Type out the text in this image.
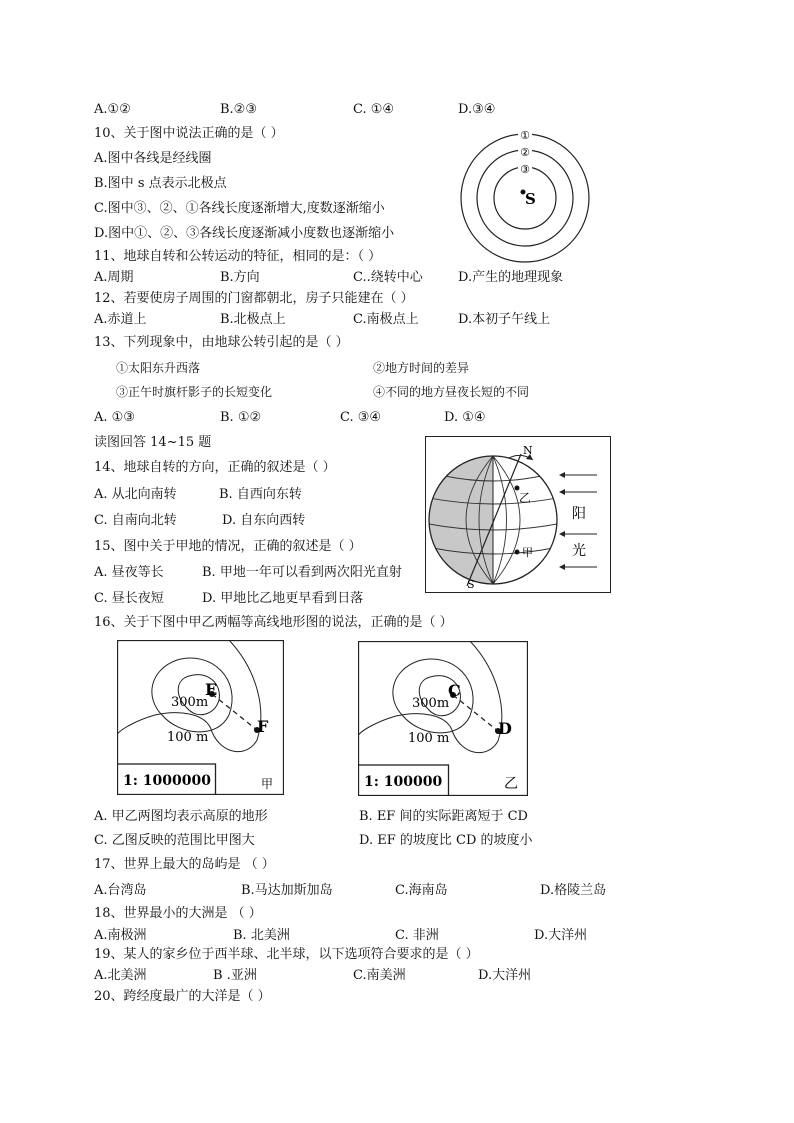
A.①②	B.②③	C. ①④	D.③④
10、关于图中说法正确的是（ ）
A.图中各线是经线圈
B.图中 s 点表示北极点
C.图中③、②、①各线长度逐渐增大,度数逐渐缩小
D.图中①、②、③各线长度逐渐减小度数也逐渐缩小
①
②
③
S
11、地球自转和公转运动的特征，相同的是：（ ）
A.周期	B.方向	C..绕转中心	D.产生的地理现象
12、若要使房子周围的门窗都朝北，房子只能建在（ ）
A.赤道上	B.北极点上	C.南极点上	D.本初子午线上
13、下列现象中，由地球公转引起的是（ ）
①太阳东升西落	②地方时间的差异
③正午时旗杆影子的长短变化	④不同的地方昼夜长短的不同
A. ①③	B. ①②	C. ③④	D. ①④
读图回答 14~15 题
14、地球自转的方向，正确的叙述是（ ）
A. 从北向南转	B. 自西向东转
C. 自南向北转	D. 自东向西转
15、图中关于甲地的情况，正确的叙述是（ ）
A. 昼夜等长	B. 甲地一年可以看到两次阳光直射
C. 昼长夜短	D. 甲地比乙地更早看到日落
N
S
乙
甲
阳
光
16、关于下图中甲乙两幅等高线地形图的说法，正确的是（ ）
E
F
300m
100 m
1: 1000000	甲
C
D
300m
100 m
1: 100000	乙
A. 甲乙两图均表示高原的地形	B. EF 间的实际距离短于 CD
C. 乙图反映的范围比甲图大	D. EF 的坡度比 CD 的坡度小
17、世界上最大的岛屿是 （ ）
A.台湾岛	B.马达加斯加岛	C.海南岛	D.格陵兰岛
18、世界最小的大洲是 （ ）
A.南极洲	B. 北美洲	C. 非洲	D.大洋州
19、某人的家乡位于西半球、北半球，以下选项符合要求的是（ ）
A.北美洲	B .亚洲	C.南美洲	D.大洋州
20、跨经度最广的大洋是（ ）
